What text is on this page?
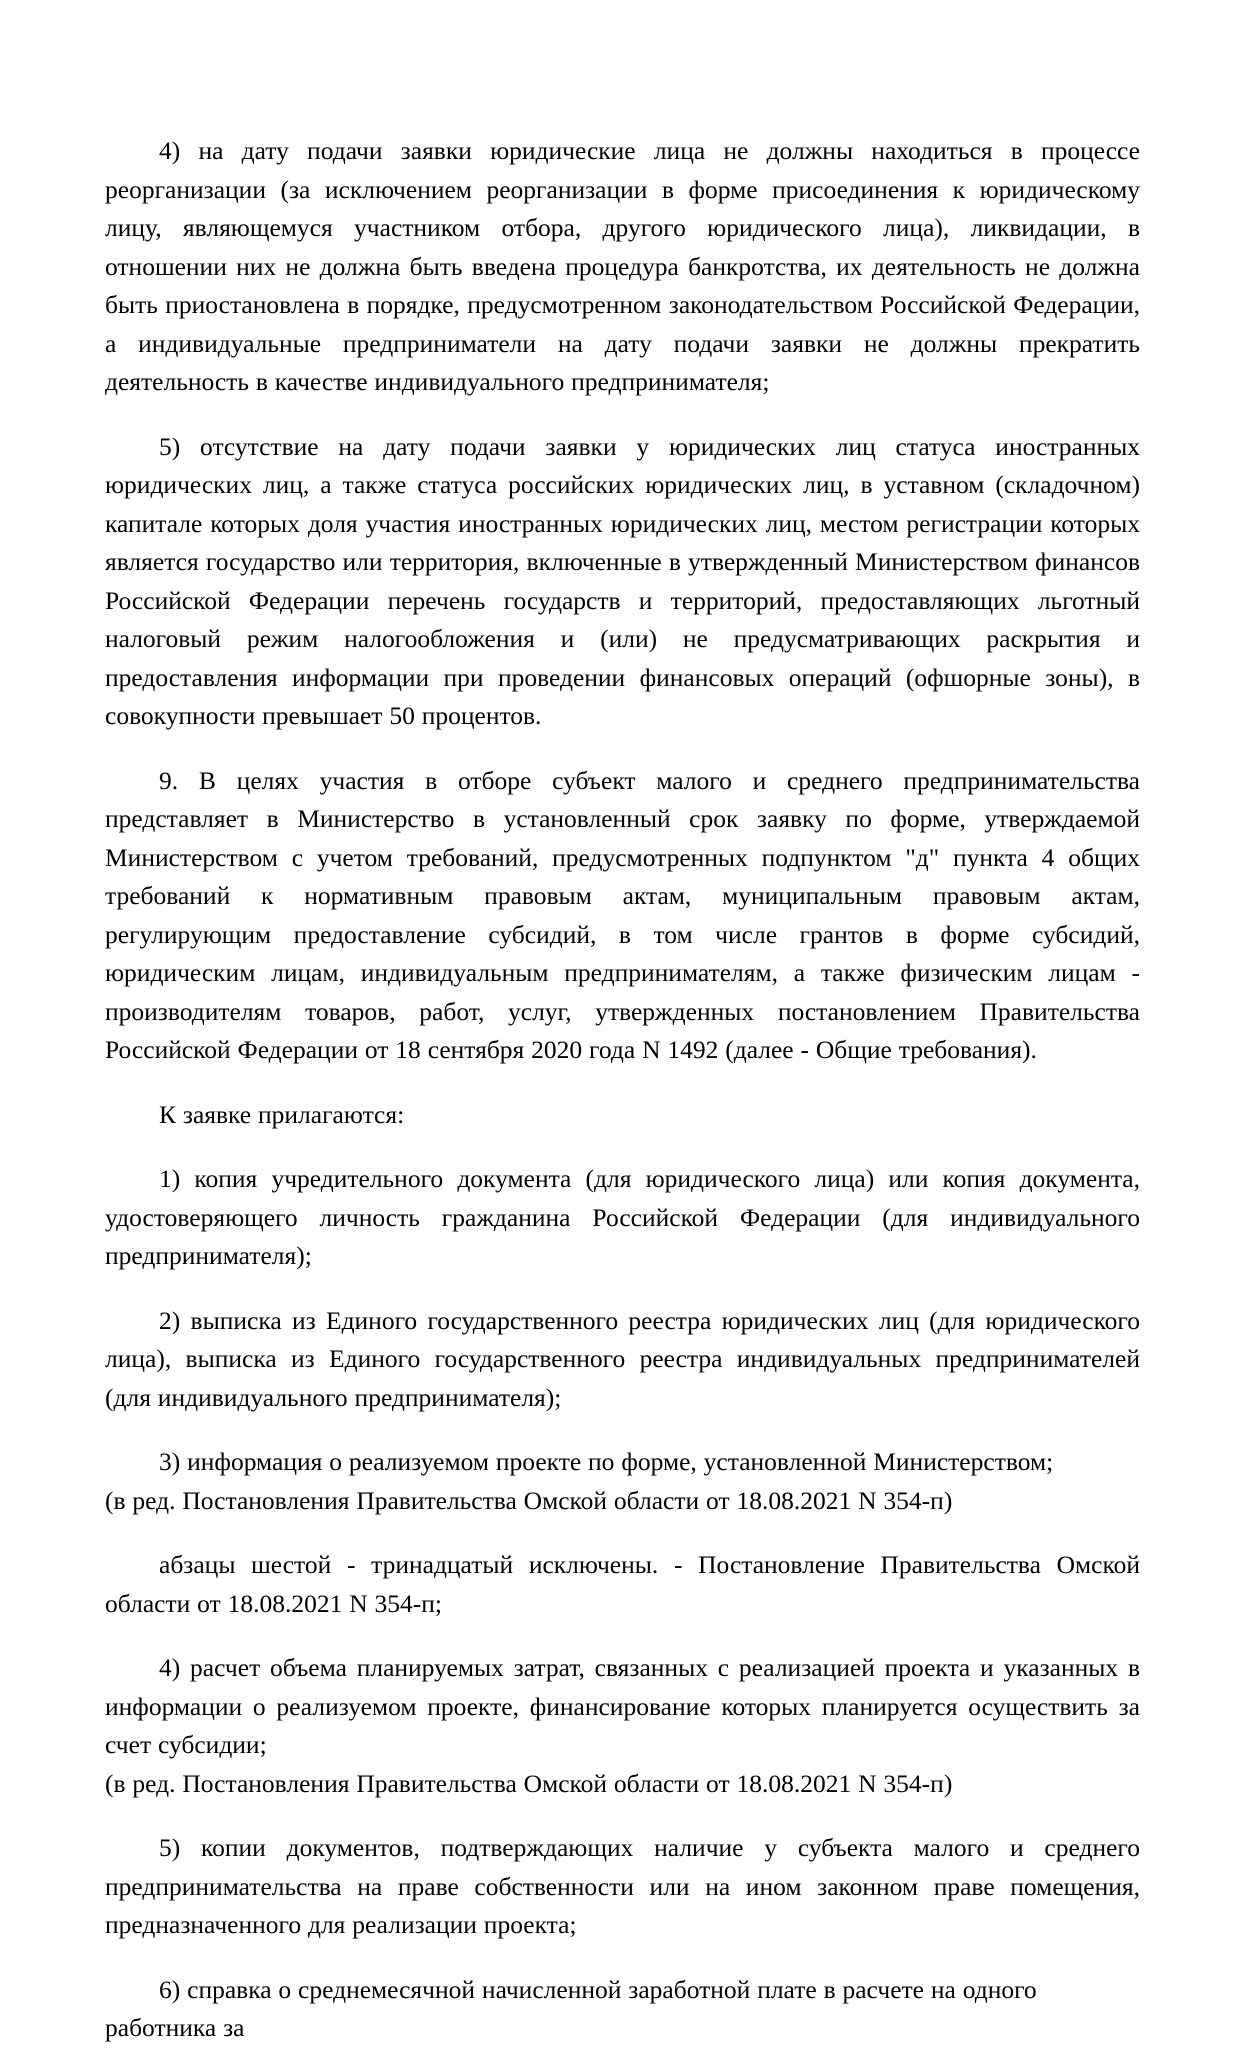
4) на дату подачи заявки юридические лица не должны находиться в процессе реорганизации (за исключением реорганизации в форме присоединения к юридическому лицу, являющемуся участником отбора, другого юридического лица), ликвидации, в отношении них не должна быть введена процедура банкротства, их деятельность не должна быть приостановлена в порядке, предусмотренном законодательством Российской Федерации, а индивидуальные предприниматели на дату подачи заявки не должны прекратить деятельность в качестве индивидуального предпринимателя;

5) отсутствие на дату подачи заявки у юридических лиц статуса иностранных юридических лиц, а также статуса российских юридических лиц, в уставном (складочном) капитале которых доля участия иностранных юридических лиц, местом регистрации которых является государство или территория, включенные в утвержденный Министерством финансов Российской Федерации перечень государств и территорий, предоставляющих льготный налоговый режим налогообложения и (или) не предусматривающих раскрытия и предоставления информации при проведении финансовых операций (офшорные зоны), в совокупности превышает 50 процентов.

9. В целях участия в отборе субъект малого и среднего предпринимательства представляет в Министерство в установленный срок заявку по форме, утверждаемой Министерством с учетом требований, предусмотренных подпунктом "д" пункта 4 общих требований к нормативным правовым актам, муниципальным правовым актам, регулирующим предоставление субсидий, в том числе грантов в форме субсидий, юридическим лицам, индивидуальным предпринимателям, а также физическим лицам - производителям товаров, работ, услуг, утвержденных постановлением Правительства Российской Федерации от 18 сентября 2020 года N 1492 (далее - Общие требования).

К заявке прилагаются:

1) копия учредительного документа (для юридического лица) или копия документа, удостоверяющего личность гражданина Российской Федерации (для индивидуального предпринимателя);

2) выписка из Единого государственного реестра юридических лиц (для юридического лица), выписка из Единого государственного реестра индивидуальных предпринимателей (для индивидуального предпринимателя);

3) информация о реализуемом проекте по форме, установленной Министерством;

(в ред. Постановления Правительства Омской области от 18.08.2021 N 354-п)

абзацы шестой - тринадцатый исключены. - Постановление Правительства Омской области от 18.08.2021 N 354-п;

4) расчет объема планируемых затрат, связанных с реализацией проекта и указанных в информации о реализуемом проекте, финансирование которых планируется осуществить за счет субсидии;

(в ред. Постановления Правительства Омской области от 18.08.2021 N 354-п)

5) копии документов, подтверждающих наличие у субъекта малого и среднего предпринимательства на праве собственности или на ином законном праве помещения, предназначенного для реализации проекта;

6) справка о среднемесячной начисленной заработной плате в расчете на одного работника за
